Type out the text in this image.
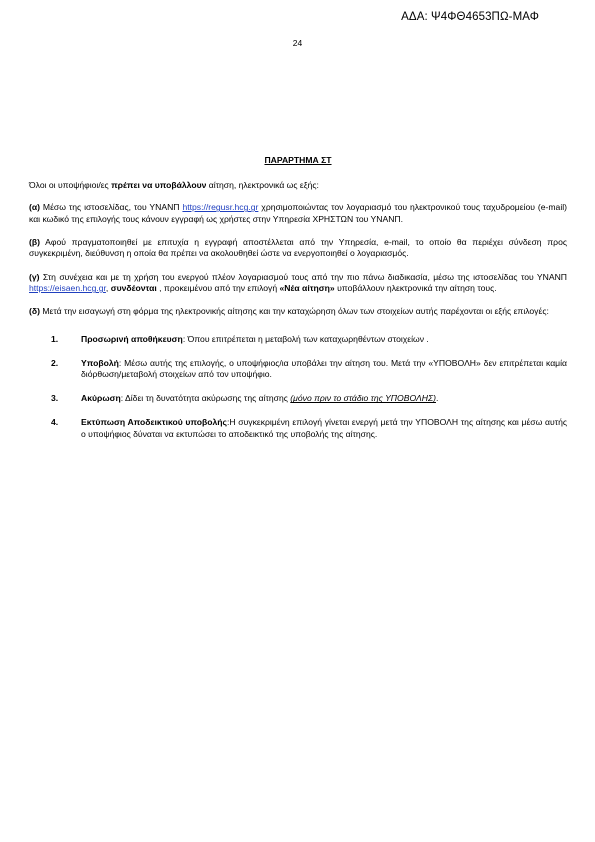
ΑΔΑ: Ψ4ΦΘ4653ΠΩ-ΜΑΦ
24
ΠΑΡΑΡΤΗΜΑ ΣΤ

Όλοι οι υποψήφιοι/ες πρέπει να υποβάλλουν αίτηση, ηλεκτρονικά ως εξής:

(α) Μέσω της ιστοσελίδας, του ΥΝΑΝΠ https://regusr.hcg.gr χρησιμοποιώντας τον λογαριασμό του ηλεκτρονικού τους ταχυδρομείου (e-mail) και κωδικό της επιλογής τους κάνουν εγγραφή ως χρήστες στην Υπηρεσία ΧΡΗΣΤΩΝ του ΥΝΑΝΠ.

(β) Αφού πραγματοποιηθεί με επιτυχία η εγγραφή αποστέλλεται από την Υπηρεσία, e-mail, το οποίο θα περιέχει σύνδεση προς συγκεκριμένη, διεύθυνση η οποία θα πρέπει να ακολουθηθεί ώστε να ενεργοποιηθεί ο λογαριασμός.

(γ) Στη συνέχεια και με τη χρήση του ενεργού πλέον λογαριασμού τους από την πιο πάνω διαδικασία, μέσω της ιστοσελίδας του ΥΝΑΝΠ https://eisaen.hcg.gr, συνδέονται , προκειμένου από την επιλογή «Νέα αίτηση» υποβάλλουν ηλεκτρονικά την αίτηση τους.

(δ) Μετά την εισαγωγή στη φόρμα της ηλεκτρονικής αίτησης και την καταχώρηση όλων των στοιχείων αυτής παρέχονται οι εξής επιλογές:

1.	Προσωρινή αποθήκευση: Όπου επιτρέπεται η μεταβολή των καταχωρηθέντων στοιχείων .
2.	Υποβολή: Μέσω αυτής της επιλογής, ο υποψήφιος/ια υποβάλει την αίτηση του. Μετά την «ΥΠΟΒΟΛΗ» δεν επιτρέπεται καμία διόρθωση/μεταβολή στοιχείων από τον υποψήφιο.
3.	Ακύρωση: Δίδει τη δυνατότητα ακύρωσης της αίτησης (μόνο πριν το στάδιο της ΥΠΟΒΟΛΗΣ).
4.	Εκτύπωση Αποδεικτικού υποβολής:Η συγκεκριμένη επιλογή γίνεται ενεργή μετά την ΥΠΟΒΟΛΗ της αίτησης και μέσω αυτής ο υποψήφιος δύναται να εκτυπώσει το αποδεικτικό της υποβολής της αίτησης.
